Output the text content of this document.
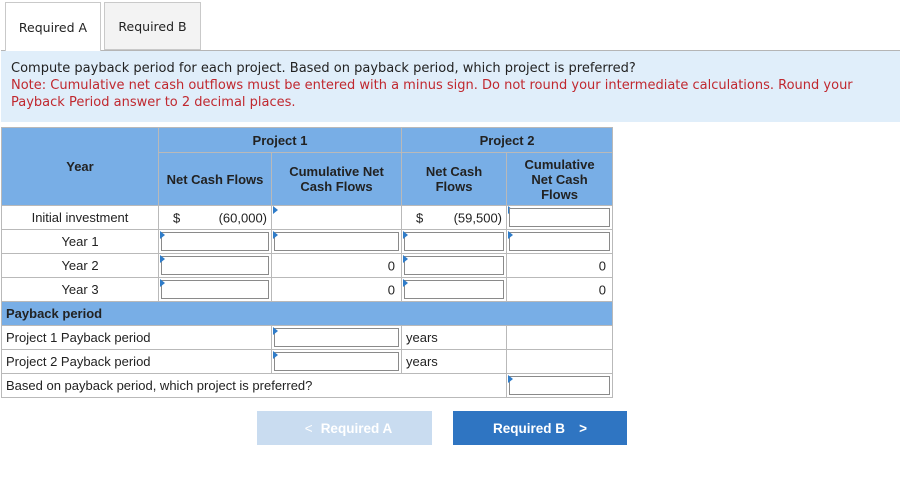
Required A	Required B
Compute payback period for each project. Based on payback period, which project is preferred?
Note: Cumulative net cash outflows must be entered with a minus sign. Do not round your intermediate calculations. Round your Payback Period answer to 2 decimal places.
Year	Project 1		Project 2	
	Net Cash Flows	Cumulative Net Cash Flows	Net Cash Flows	Cumulative Net Cash Flows
Initial investment	$ (60,000)		$ (59,500)	

Year 1	

Year 2		0		0

Year 3		0		0

Payback period				
Project 1 Payback period			years	
Project 2 Payback period			years	
Based on payback period, which project is preferred?				
< Required A	Required B >
